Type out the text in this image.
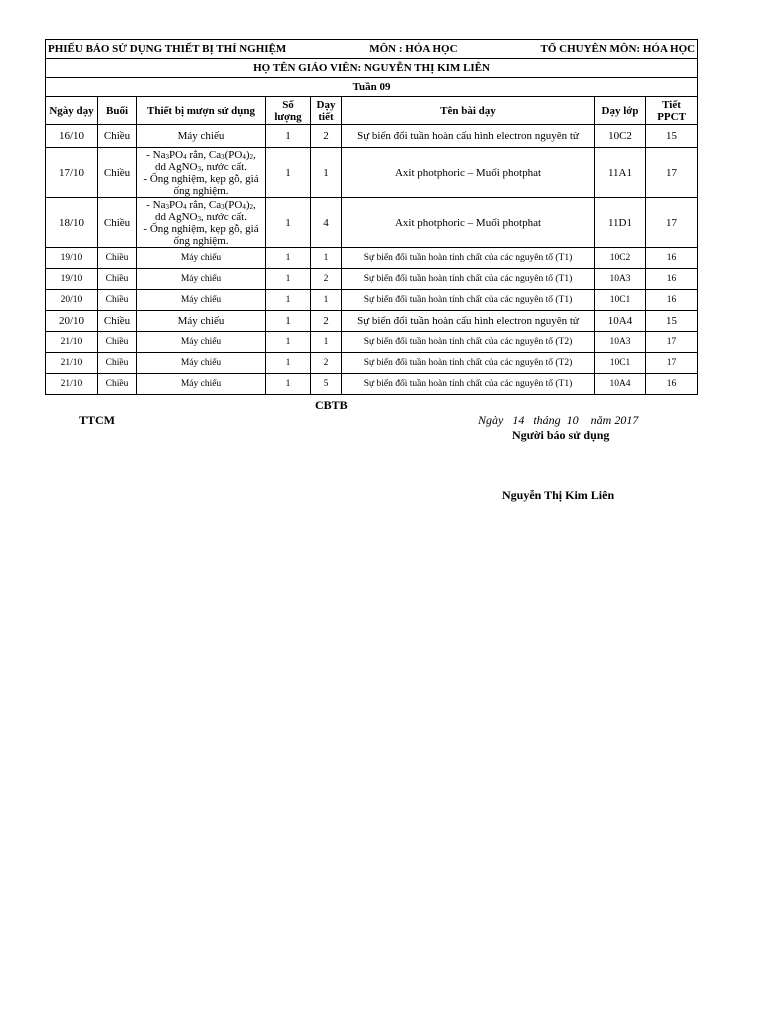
PHIẾU BÁO SỬ DỤNG THIẾT BỊ THÍ NGHIỆM MÔN : HÓA HỌC TỔ CHUYÊN MÔN: HÓA HỌC							

HỌ TÊN GIÁO VIÊN: NGUYỄN THỊ KIM LIÊN							
Tuần 09							
Ngày dạy	Buổi	Thiết bị mượn sử dụng	Số lượng	Dạy tiết	Tên bài dạy	Dạy lớp	Tiết PPCT
16/10	Chiều	Máy chiếu	1	2	Sự biến đổi tuần hoàn cấu hình electron nguyên tử	10C2	15
17/10	Chiều	- $Na_3PO_4$ rắn, $Ca_3(PO_4)_2$,
dd AgNO$_3$, nước cất.
- Ống nghiệm, kẹp gỗ, giá ống nghiệm.	1	1	Axit photphoric – Muối photphat	11A1	17
18/10	Chiều	- $Na_3PO_4$ rắn, $Ca_3(PO_4)_2$,
dd AgNO$_3$, nước cất.
- Ống nghiệm, kẹp gỗ, giá ống nghiệm.	1	4	Axit photphoric – Muối photphat	11D1	17
19/10	Chiều	Máy chiếu	1	1	Sự biến đổi tuần hoàn tính chất của các nguyên tố (T1)	10C2	16
19/10	Chiều	Máy chiếu	1	2	Sự biến đổi tuần hoàn tính chất của các nguyên tố (T1)	10A3	16
20/10	Chiều	Máy chiếu	1	1	Sự biến đổi tuần hoàn tính chất của các nguyên tố (T1)	10C1	16
20/10	Chiều	Máy chiếu	1	2	Sự biến đổi tuần hoàn cấu hình electron nguyên tử	10A4	15
21/10	Chiều	Máy chiếu	1	1	Sự biến đổi tuần hoàn tính chất của các nguyên tố (T2)	10A3	17
21/10	Chiều	Máy chiếu	1	2	Sự biến đổi tuần hoàn tính chất của các nguyên tố (T2)	10C1	17
21/10	Chiều	Máy chiếu	1	5	Sự biến đổi tuần hoàn tính chất của các nguyên tố (T1)	10A4	16
TTCM
CBTB
Ngày   14   tháng  10    năm 2017
Người báo sử dụng
Nguyễn Thị Kim Liên
